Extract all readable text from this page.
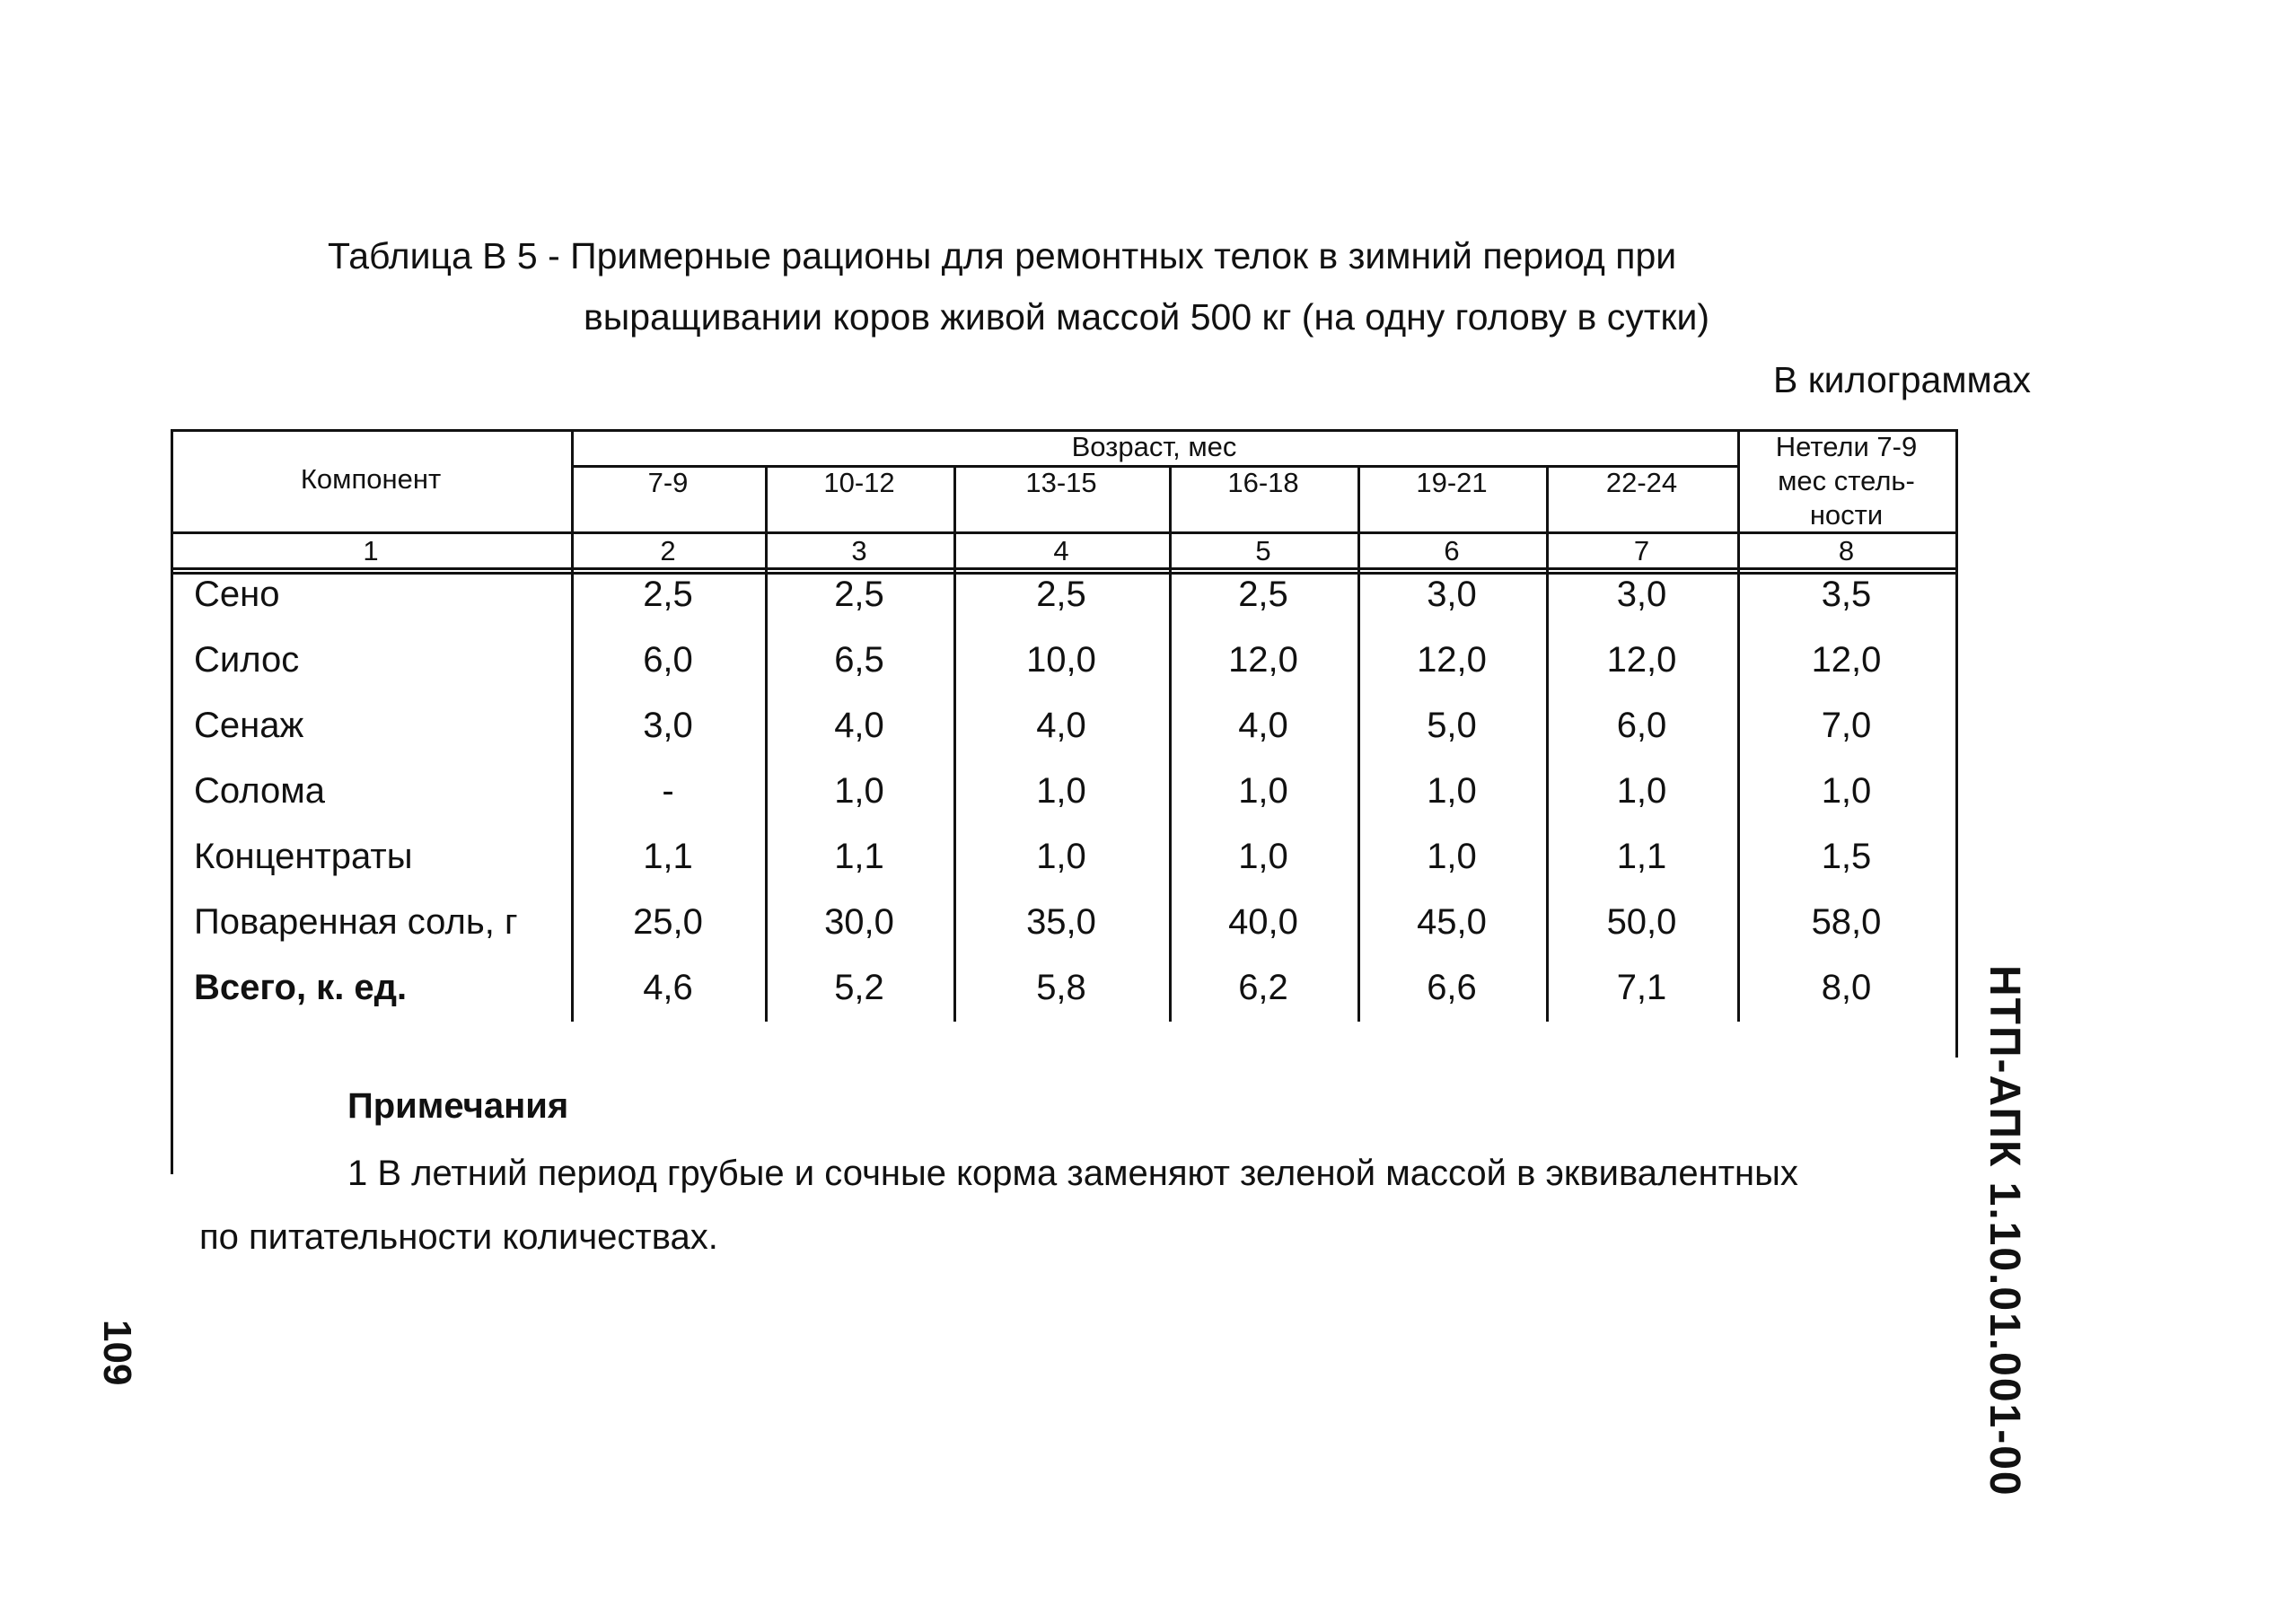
Таблица В 5 - Примерные рационы для ремонтных телок в зимний период при
выращивании коров живой массой 500 кг (на одну голову в сутки)
В килограммах
Компонент
Возраст, мес
7-9	10-12	13-15	16-18	19-21	22-24
Нетели 7-9
мес стель-
ности
1	2	3	4	5	6	7	8
Сено	2,5	2,5	2,5	2,5	3,0	3,0	3,5
Силос	6,0	6,5	10,0	12,0	12,0	12,0	12,0
Сенаж	3,0	4,0	4,0	4,0	5,0	6,0	7,0
Солома	-	1,0	1,0	1,0	1,0	1,0	1,0
Концентраты	1,1	1,1	1,0	1,0	1,0	1,1	1,5
Поваренная соль, г	25,0	30,0	35,0	40,0	45,0	50,0	58,0
Всего, к. ед.	4,6	5,2	5,8	6,2	6,6	7,1	8,0
Примечания
1 В летний период грубые и сочные корма заменяют зеленой массой в эквивалентных
по питательности количествах.
109	НТП-АПК 1.10.01.001-00
